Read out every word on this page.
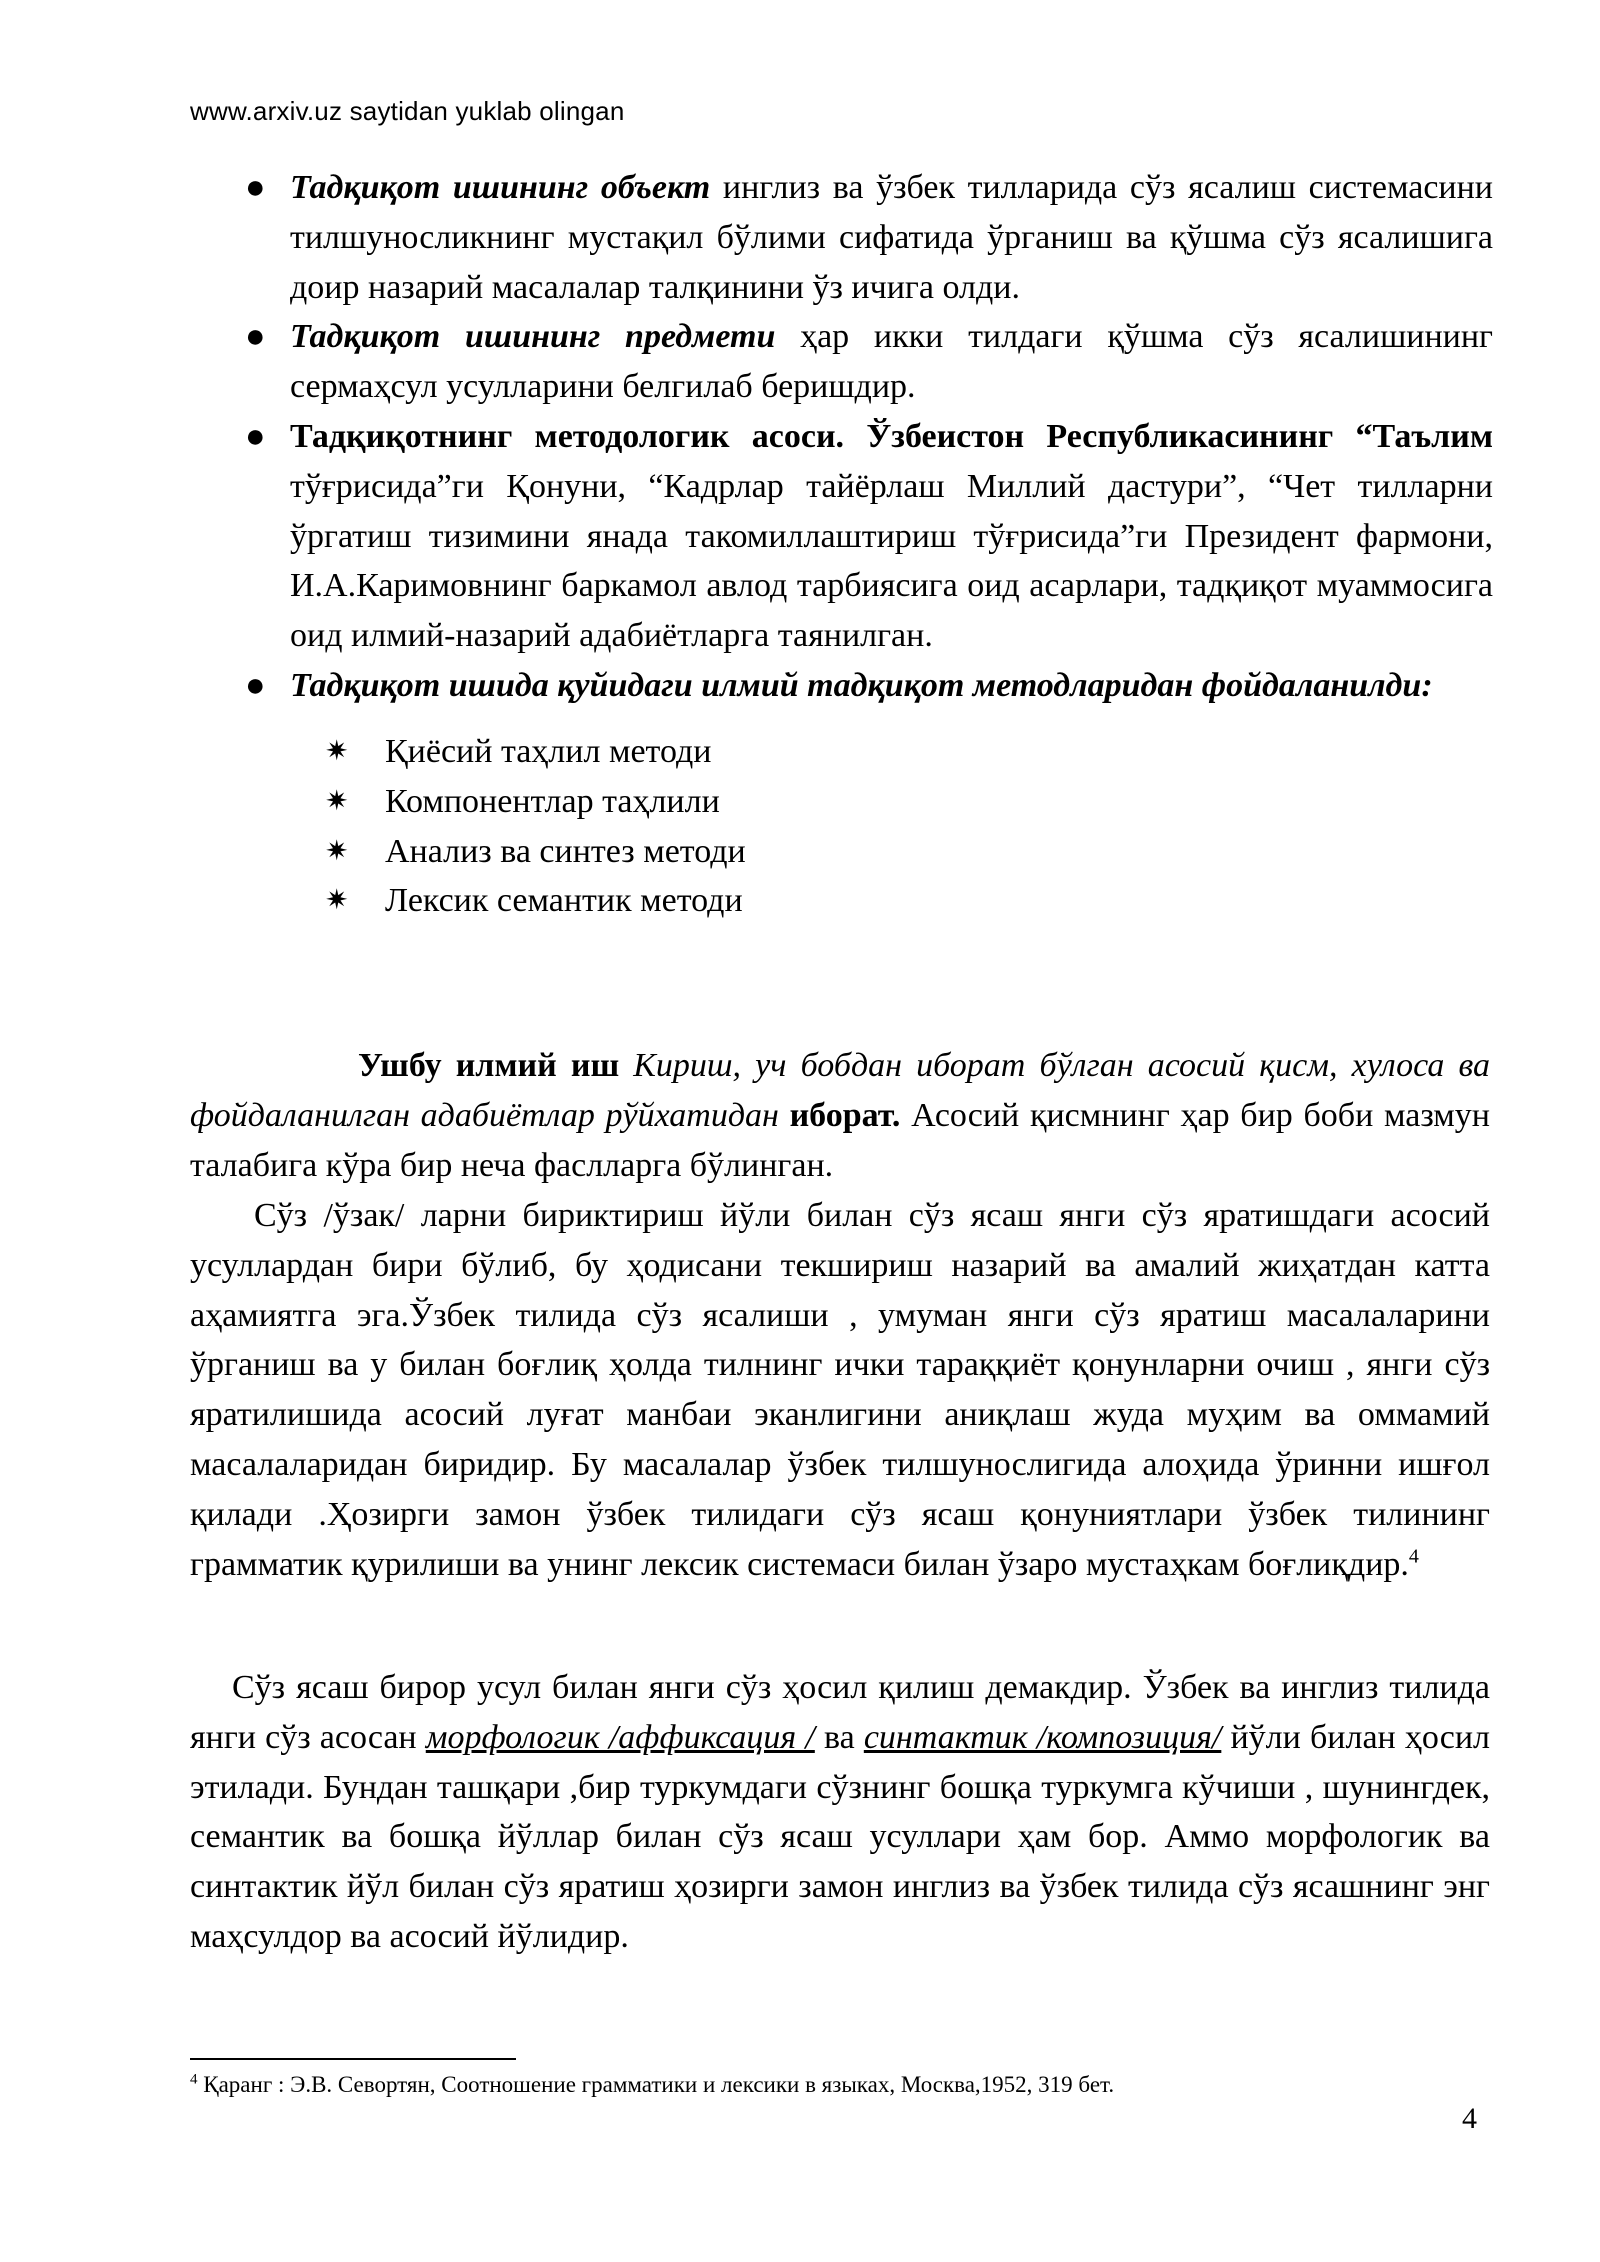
www.arxiv.uz saytidan yuklab olingan
● Тадқиқот ишининг объект инглиз ва ўзбек тилларида сўз ясалиш системасини тилшуносликнинг мустақил бўлими сифатида ўрганиш ва қўшма сўз ясалишига доир назарий масалалар талқинини ўз ичига олди.
● Тадқиқот ишининг предмети ҳар икки тилдаги қўшма сўз ясалишининг сермаҳсул усулларини белгилаб беришдир.
● Тадқиқотнинг методологик асоси. Ўзбеистон Республикасининг “Таълим тўғрисида”ги Қонуни, “Кадрлар тайёрлаш Миллий дастури”, “Чет тилларни ўргатиш тизимини янада такомиллаштириш тўғрисида”ги Президент фармони, И.А.Каримовнинг баркамол авлод тарбиясига оид асарлари, тадқиқот муаммосига оид илмий-назарий адабиётларга таянилган.
● Тадқиқот ишида қуйидаги илмий тадқиқот методларидан фойдаланилди:
✷ Қиёсий таҳлил методи
✷ Компонентлар таҳлили
✷ Анализ ва синтез методи
✷ Лексик семантик методи

Ушбу илмий иш Кириш, уч бобдан иборат бўлган асосий қисм, хулоса ва фойдаланилган адабиётлар рўйхатидан иборат. Асосий қисмнинг ҳар бир боби мазмун талабига кўра бир неча фаслларга бўлинган.

Сўз /ўзак/ ларни бириктириш йўли билан сўз ясаш янги сўз яратишдаги асосий усуллардан бири бўлиб, бу ҳодисани текшириш назарий ва амалий жиҳатдан катта аҳамиятга эга.Ўзбек тилида сўз ясалиши , умуман янги сўз яратиш масалаларини ўрганиш ва у билан боғлиқ ҳолда тилнинг ички тараққиёт қонунларни очиш , янги сўз яратилишида асосий луғат манбаи эканлигини аниқлаш жуда муҳим ва оммамий масалаларидан биридир. Бу масалалар ўзбек тилшунослигида алоҳида ўринни ишғол қилади .Ҳозирги замон ўзбек тилидаги сўз ясаш қонуниятлари ўзбек тилининг грамматик қурилиши ва унинг лексик системаси билан ўзаро мустаҳкам боғлиқдир.$^4$

Сўз ясаш бирор усул билан янги сўз ҳосил қилиш демакдир. Ўзбек ва инглиз тилида янги сўз асосан морфологик /аффиксация / ва синтактик /композиция/ йўли билан ҳосил этилади. Бундан ташқари ,бир туркумдаги сўзнинг бошқа туркумга кўчиши , шунингдек, семантик ва бошқа йўллар билан сўз ясаш усуллари ҳам бор. Аммо морфологик ва синтактик йўл билан сўз яратиш ҳозирги замон инглиз ва ўзбек тилида сўз ясашнинг энг маҳсулдор ва асосий йўлидир.

$^4$ Қаранг : Э.В. Севортян, Соотношение грамматики и лексики в языках, Москва,1952, 319 бет.
4
